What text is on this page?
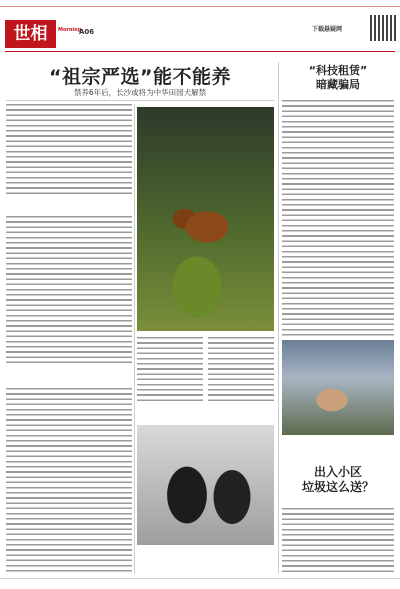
世相	Morning
A06	下载悬疑网
“祖宗严选”能不能养
禁养6年后，长沙或将为中华田园犬解禁
“科技租赁”
暗藏骗局
出入小区
垃圾这么送？
